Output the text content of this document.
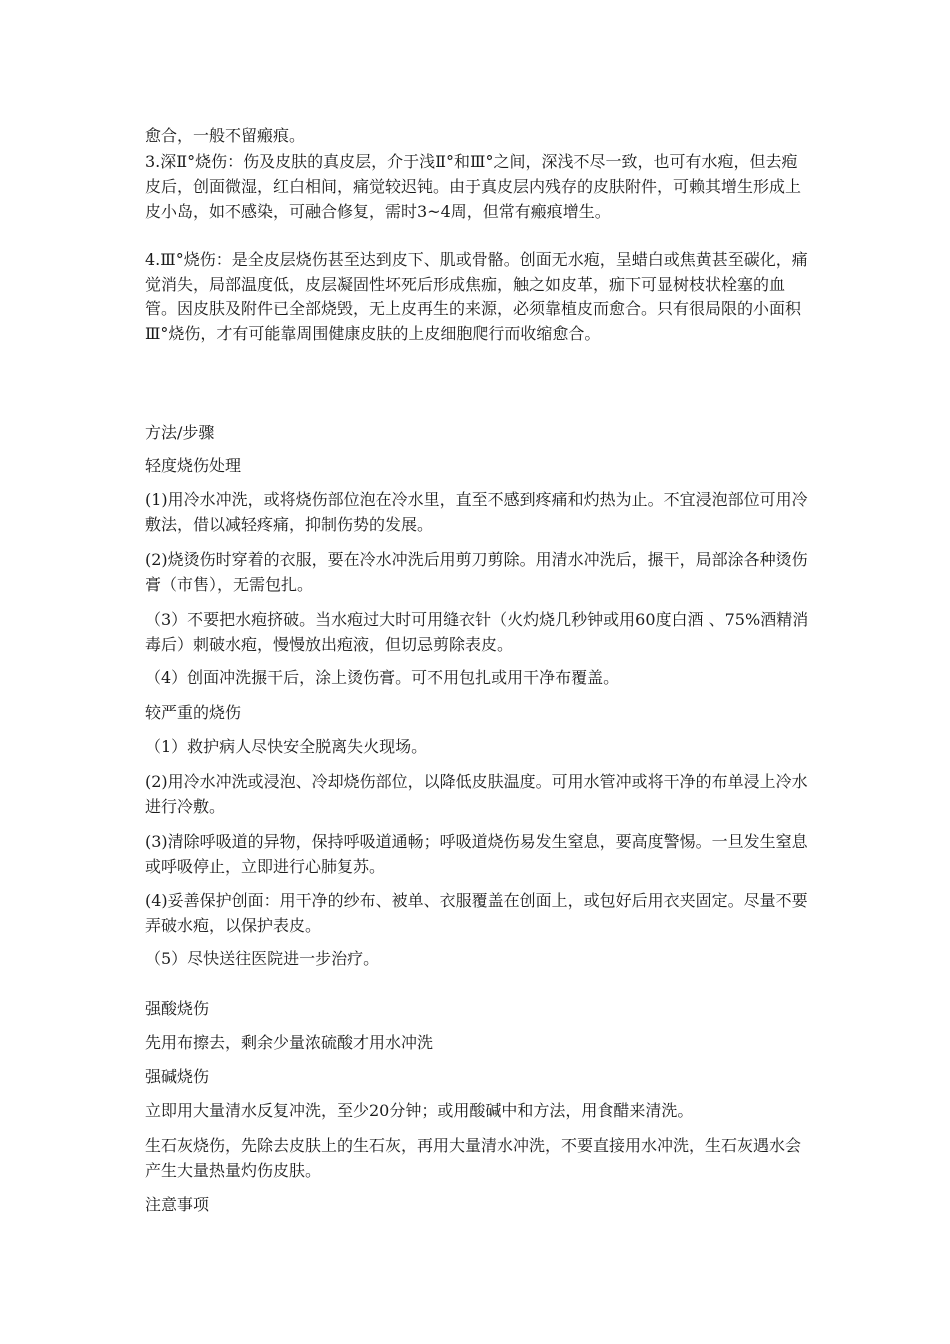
愈合，一般不留瘢痕。

3.深Ⅱ°烧伤：伤及皮肤的真皮层，介于浅Ⅱ°和Ⅲ°之间，深浅不尽一致，也可有水疱，但去疱皮后，创面微湿，红白相间，痛觉较迟钝。由于真皮层内残存的皮肤附件，可赖其增生形成上皮小岛，如不感染，可融合修复，需时3~4周，但常有瘢痕增生。

4.Ⅲ°烧伤：是全皮层烧伤甚至达到皮下、肌或骨骼。创面无水疱，呈蜡白或焦黄甚至碳化，痛觉消失，局部温度低，皮层凝固性坏死后形成焦痂，触之如皮革，痂下可显树枝状栓塞的血管。因皮肤及附件已全部烧毁，无上皮再生的来源，必须靠植皮而愈合。只有很局限的小面积Ⅲ°烧伤，才有可能靠周围健康皮肤的上皮细胞爬行而收缩愈合。

方法/步骤

轻度烧伤处理

(1)用冷水冲洗，或将烧伤部位泡在冷水里，直至不感到疼痛和灼热为止。不宜浸泡部位可用冷敷法，借以减轻疼痛，抑制伤势的发展。

(2)烧烫伤时穿着的衣服，要在冷水冲洗后用剪刀剪除。用清水冲洗后，搌干，局部涂各种烫伤膏（市售），无需包扎。

（3）不要把水疱挤破。当水疱过大时可用缝衣针（火灼烧几秒钟或用60度白酒 、75%酒精消毒后）刺破水疱，慢慢放出疱液，但切忌剪除表皮。

（4）创面冲洗搌干后，涂上烫伤膏。可不用包扎或用干净布覆盖。

较严重的烧伤

（1）救护病人尽快安全脱离失火现场。

(2)用冷水冲洗或浸泡、冷却烧伤部位，以降低皮肤温度。可用水管冲或将干净的布单浸上冷水进行冷敷。

(3)清除呼吸道的异物，保持呼吸道通畅；呼吸道烧伤易发生窒息，要高度警惕。一旦发生窒息或呼吸停止，立即进行心肺复苏。

(4)妥善保护创面：用干净的纱布、被单、衣服覆盖在创面上，或包好后用衣夹固定。尽量不要弄破水疱，以保护表皮。

（5）尽快送往医院进一步治疗。

强酸烧伤

先用布擦去，剩余少量浓硫酸才用水冲洗

强碱烧伤

立即用大量清水反复冲洗，至少20分钟；或用酸碱中和方法，用食醋来清洗。

生石灰烧伤，先除去皮肤上的生石灰，再用大量清水冲洗，不要直接用水冲洗，生石灰遇水会产生大量热量灼伤皮肤。

注意事项
